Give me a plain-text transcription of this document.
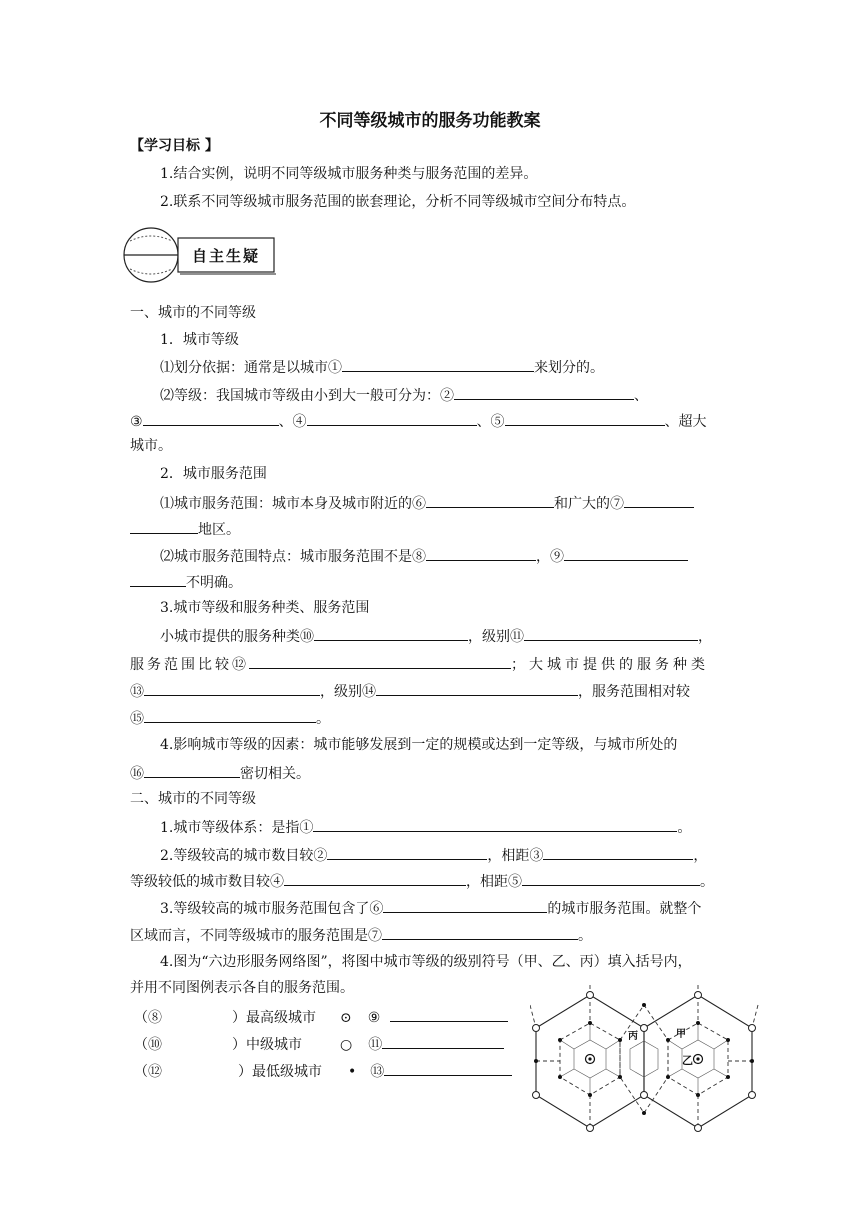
不同等级城市的服务功能教案
【学习目标 】
1.结合实例，说明不同等级城市服务种类与服务范围的差异。
2.联系不同等级城市服务范围的嵌套理论，分析不同等级城市空间分布特点。
自主生疑
一、城市的不同等级
1．城市等级
⑴划分依据：通常是以城市①	来划分的。
⑵等级：我国城市等级由小到大一般可分为：②	、
③	、④	、⑤	、超大
城市。
2．城市服务范围
⑴城市服务范围：城市本身及城市附近的⑥	和广大的⑦
地区。
⑵城市服务范围特点：城市服务范围不是⑧	，⑨
不明确。
3.城市等级和服务种类、服务范围
小城市提供的服务种类⑩	，级别⑪	，
服务范围比较⑫	；大城市提供的服务种类
⑬	，级别⑭	，服务范围相对较
⑮	。
4.影响城市等级的因素：城市能够发展到一定的规模或达到一定等级，与城市所处的
⑯	密切相关。
二、城市的不同等级
1.城市等级体系：是指①	。
2.等级较高的城市数目较②	，相距③	，
等级较低的城市数目较④	，相距⑤	。
3.等级较高的城市服务范围包含了⑥	的城市服务范围。就整个
区域而言，不同等级城市的服务范围是⑦	。
4.图为“六边形服务网络图”，将图中城市等级的级别符号（甲、乙、丙）填入括号内，
并用不同图例表示各自的服务范围。
（⑧	）最高级城市 ⊙ ⑨
（⑩	）中级城市	○ ⑪
（⑫	）最低级城市 • ⑬
丙	甲
乙
